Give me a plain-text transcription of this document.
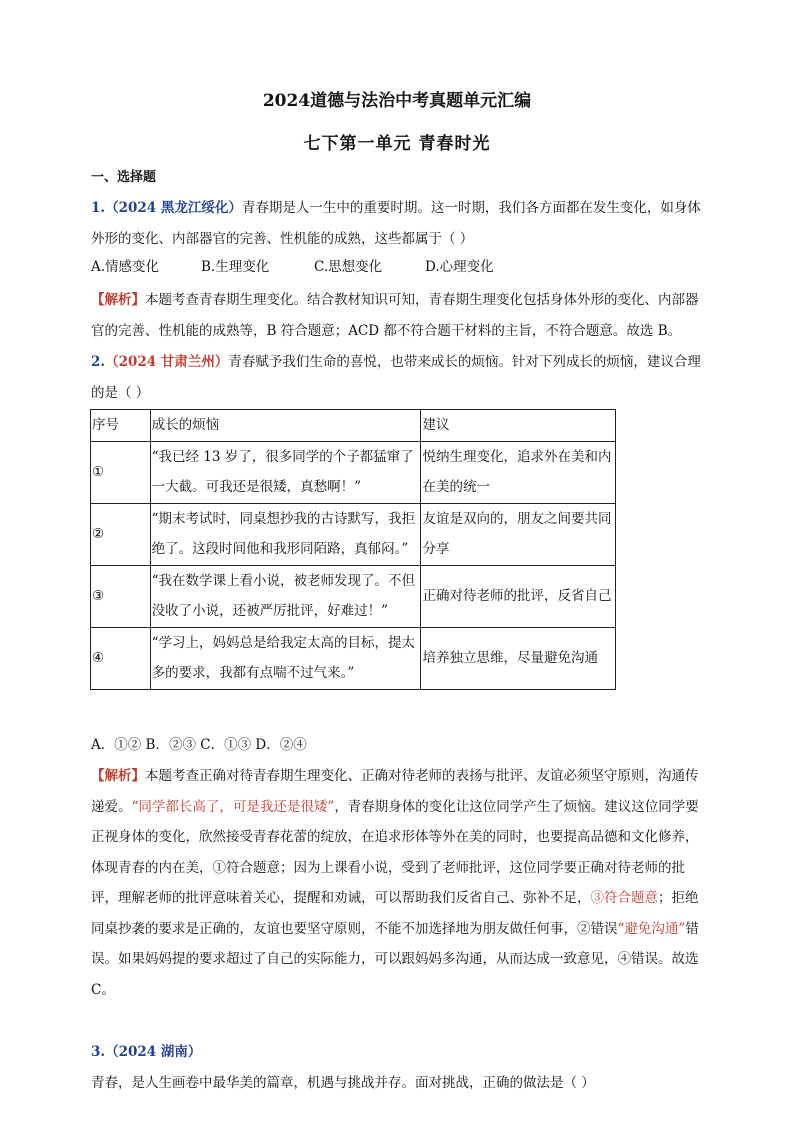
2024道德与法治中考真题单元汇编
七下第一单元 青春时光
一、选择题

1.（2024 黑龙江绥化）青春期是人一生中的重要时期。这一时期，我们各方面都在发生变化，如身体外形的变化、内部器官的完善、性机能的成熟，这些都属于（ ）

A.情感变化	B.生理变化	C.思想变化	D.心理变化

【解析】本题考查青春期生理变化。结合教材知识可知，青春期生理变化包括身体外形的变化、内部器官的完善、性机能的成熟等，B 符合题意；ACD 都不符合题干材料的主旨，不符合题意。故选 B。

2.（2024 甘肃兰州）青春赋予我们生命的喜悦，也带来成长的烦恼。针对下列成长的烦恼，建议合理的是（ ）

序号	成长的烦恼	建议
①	“我已经 13 岁了，很多同学的个子都猛窜了一大截。可我还是很矮，真愁啊！”	悦纳生理变化，追求外在美和内在美的统一
②	“期末考试时，同桌想抄我的古诗默写，我拒绝了。这段时间他和我形同陌路，真郁闷。”	友谊是双向的，朋友之间要共同分享
③	“我在数学课上看小说，被老师发现了。不但没收了小说，还被严厉批评，好难过！”	正确对待老师的批评，反省自己
④	“学习上，妈妈总是给我定太高的目标，提太多的要求，我都有点喘不过气来。”	培养独立思维，尽量避免沟通
A．①② B．②③ C．①③ D．②④

【解析】本题考查正确对待青春期生理变化、正确对待老师的表扬与批评、友谊必须坚守原则，沟通传递爱。“同学都长高了，可是我还是很矮”，青春期身体的变化让这位同学产生了烦恼。建议这位同学要正视身体的变化，欣然接受青春花蕾的绽放，在追求形体等外在美的同时，也要提高品德和文化修养，体现青春的内在美，①符合题意；因为上课看小说，受到了老师批评，这位同学要正确对待老师的批评，理解老师的批评意味着关心，提醒和劝诫，可以帮助我们反省自己、弥补不足，③符合题意；拒绝同桌抄袭的要求是正确的，友谊也要坚守原则，不能不加选择地为朋友做任何事，②错误“避免沟通”错误。如果妈妈提的要求超过了自己的实际能力，可以跟妈妈多沟通，从而达成一致意见，④错误。故选 C。

3.（2024 湖南）青春，是人生画卷中最华美的篇章，机遇与挑战并存。面对挑战，正确的做法是（ ）
